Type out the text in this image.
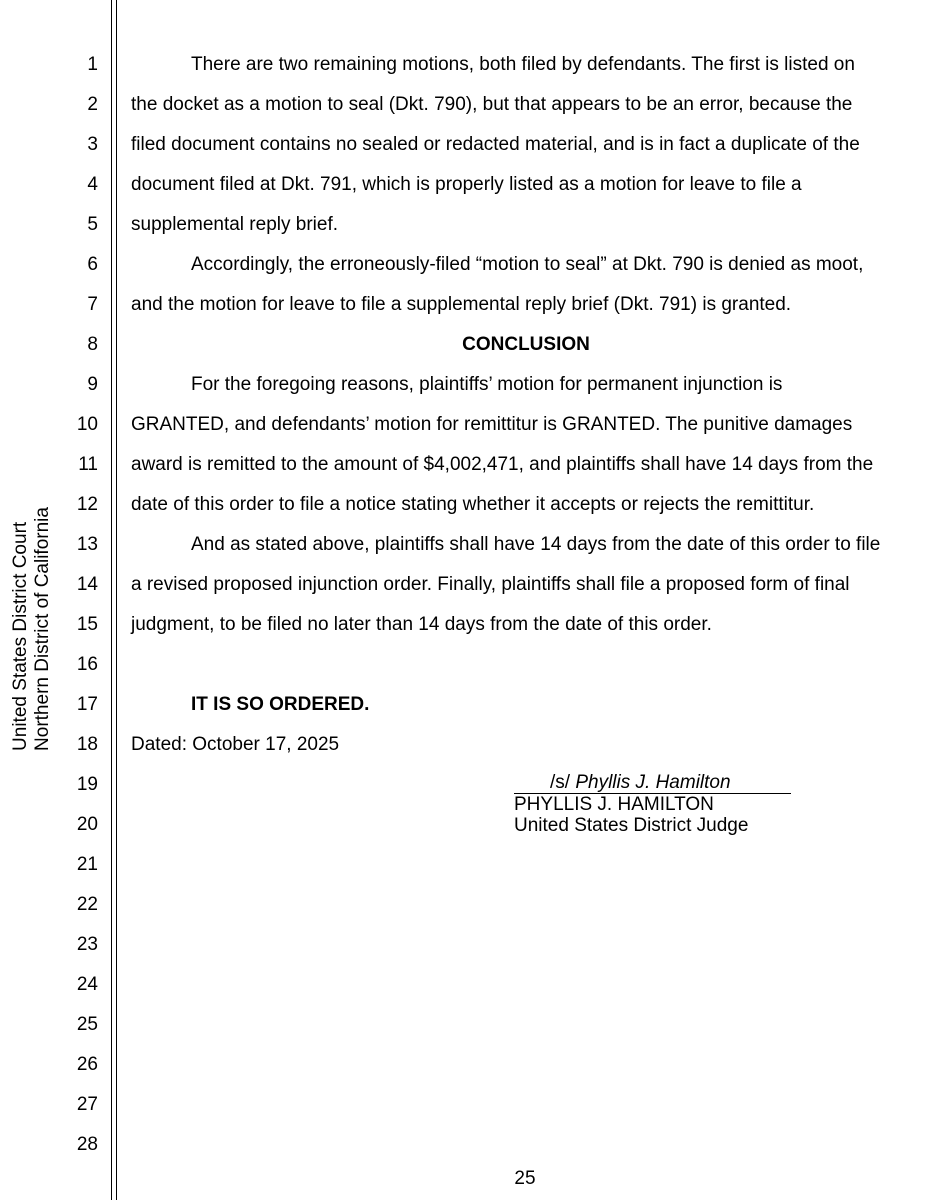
United States District Court Northern District of California
1
2
3
4
5
6
7
8
9
10
11
12
13
14
15
16
17
18
19
20
21
22
23
24
25
26
27
28
There are two remaining motions, both filed by defendants. The first is listed on
the docket as a motion to seal (Dkt. 790), but that appears to be an error, because the
filed document contains no sealed or redacted material, and is in fact a duplicate of the
document filed at Dkt. 791, which is properly listed as a motion for leave to file a
supplemental reply brief.
Accordingly, the erroneously-filed “motion to seal” at Dkt. 790 is denied as moot,
and the motion for leave to file a supplemental reply brief (Dkt. 791) is granted.
CONCLUSION
For the foregoing reasons, plaintiffs’ motion for permanent injunction is
GRANTED, and defendants’ motion for remittitur is GRANTED. The punitive damages
award is remitted to the amount of $4,002,471, and plaintiffs shall have 14 days from the
date of this order to file a notice stating whether it accepts or rejects the remittitur.
And as stated above, plaintiffs shall have 14 days from the date of this order to file
a revised proposed injunction order. Finally, plaintiffs shall file a proposed form of final
judgment, to be filed no later than 14 days from the date of this order.
IT IS SO ORDERED.
Dated: October 17, 2025
/s/ Phyllis J. Hamilton
PHYLLIS J. HAMILTON
United States District Judge
25
